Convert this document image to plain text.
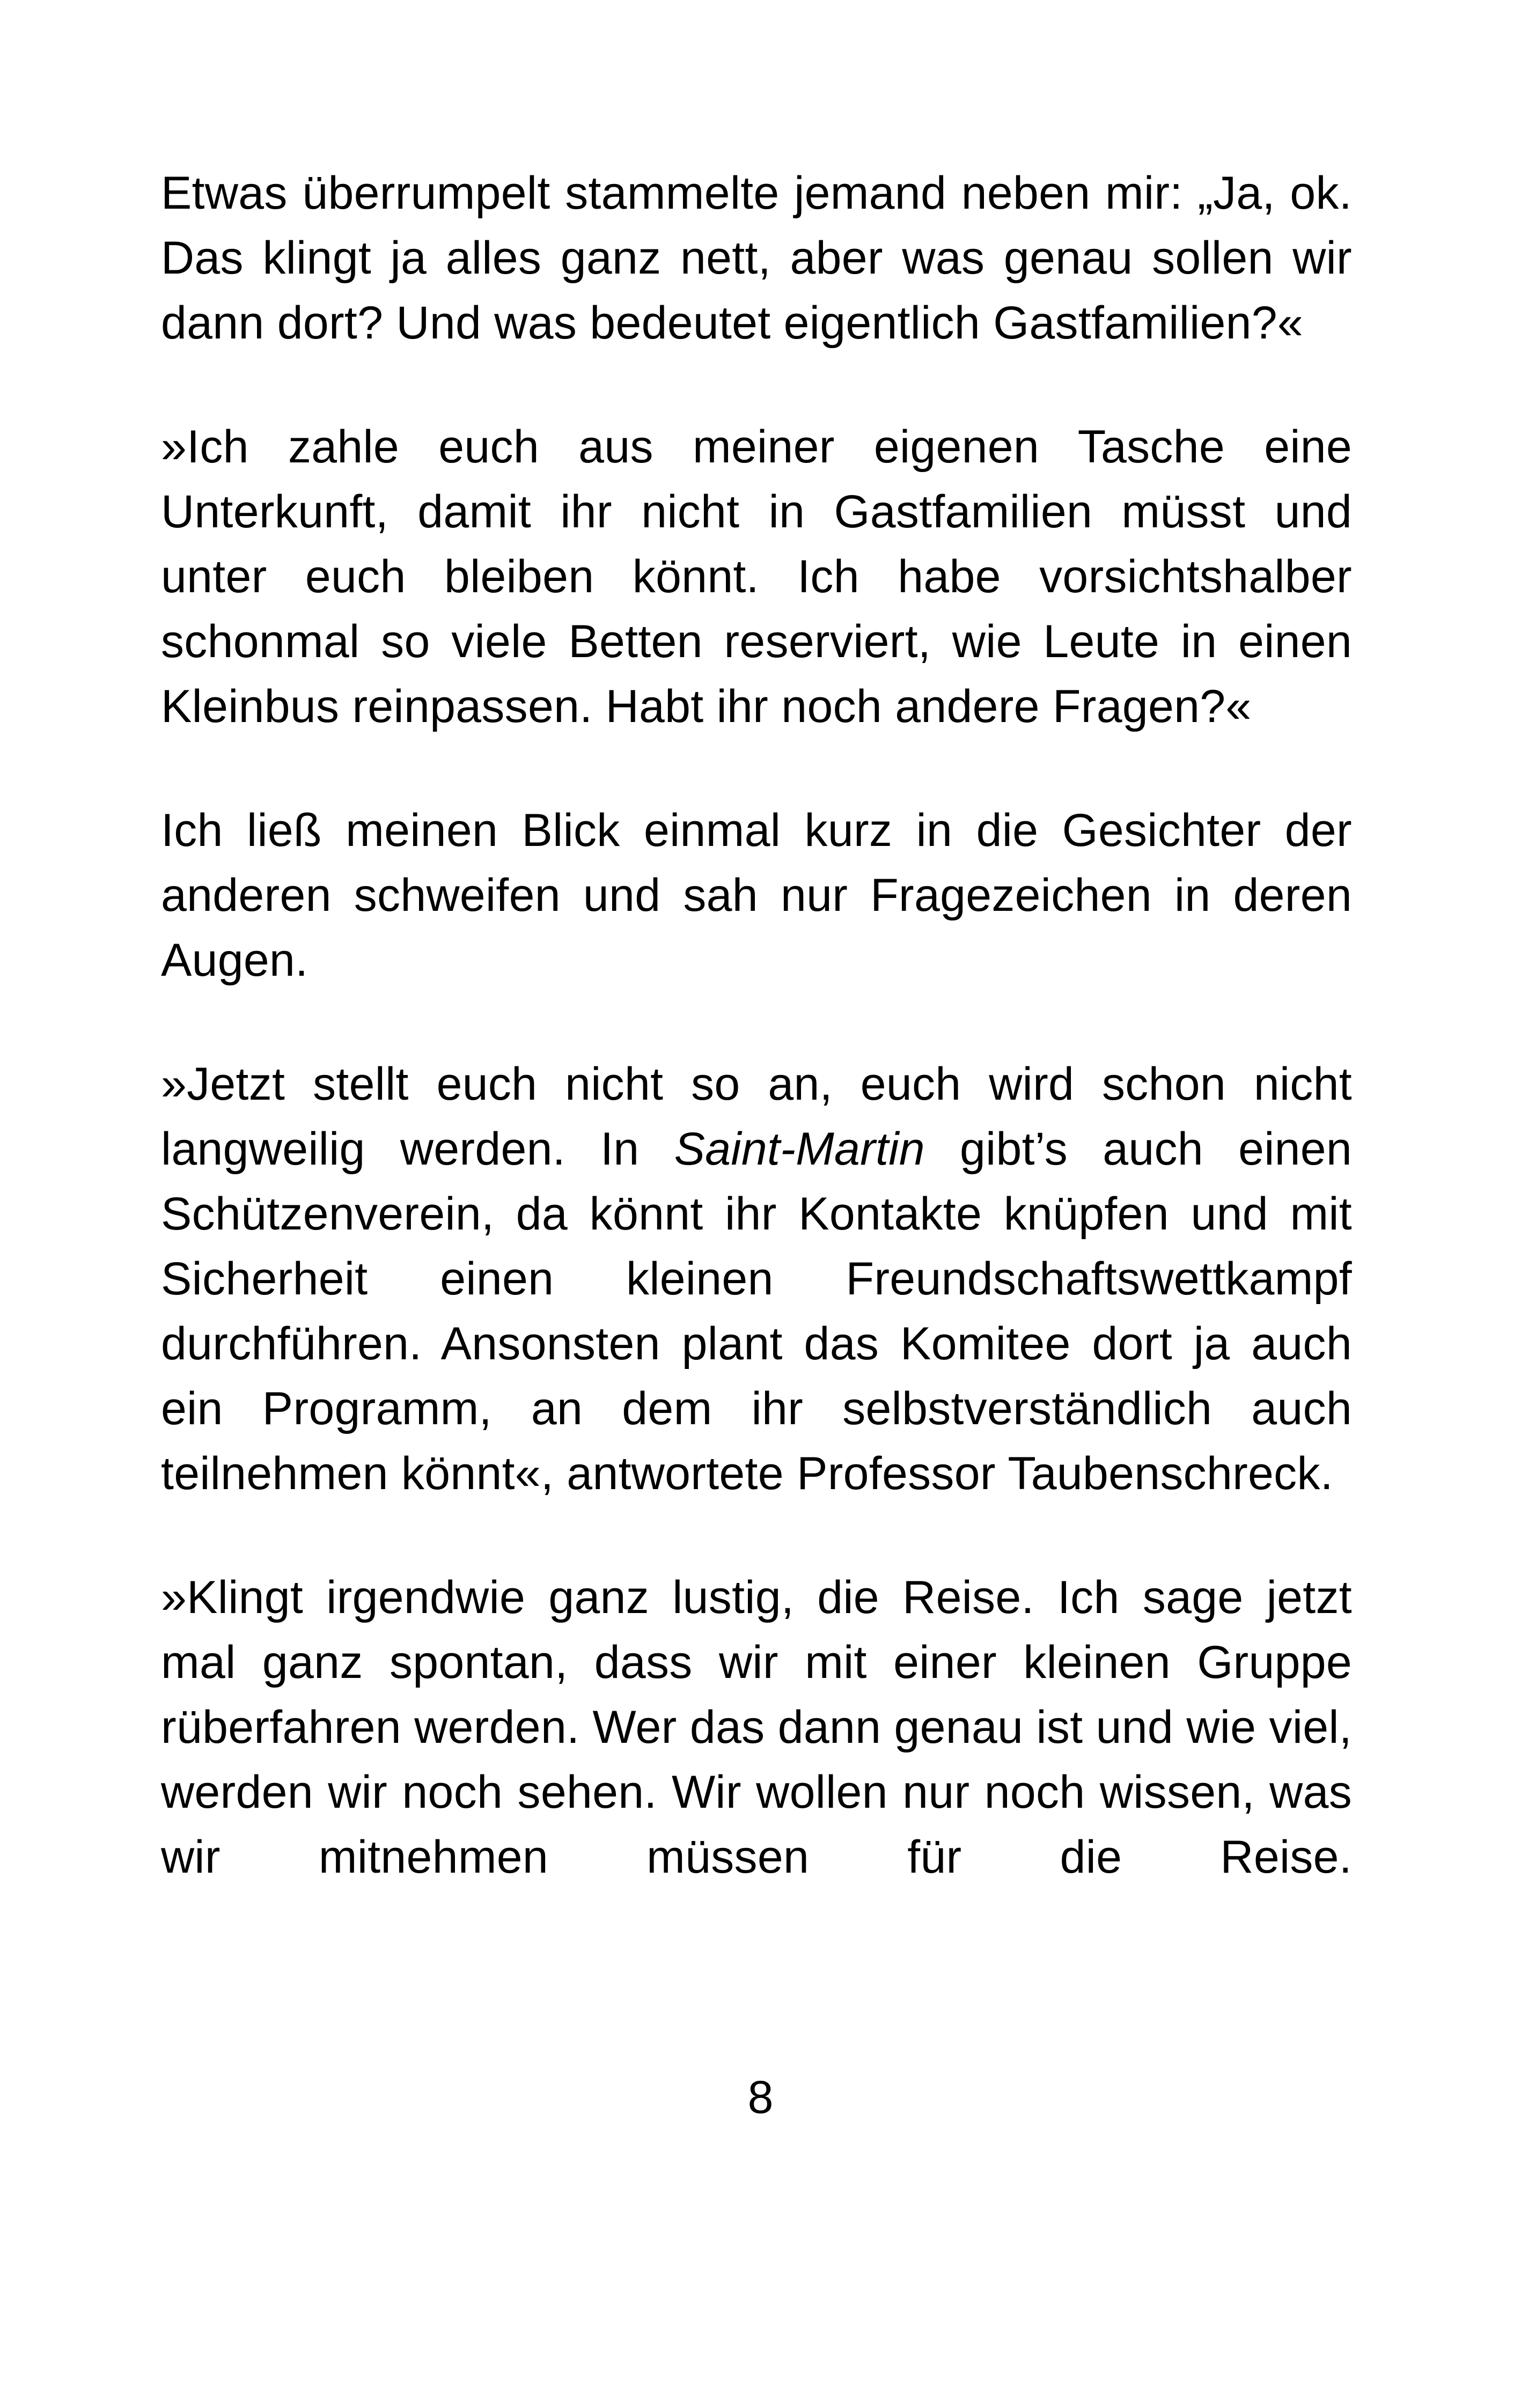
Etwas überrumpelt stammelte jemand neben mir: „Ja, ok. Das klingt ja alles ganz nett, aber was genau sollen wir dann dort? Und was bedeutet eigentlich Gastfamilien?«

»Ich zahle euch aus meiner eigenen Tasche eine Unterkunft, damit ihr nicht in Gastfamilien müsst und unter euch bleiben könnt. Ich habe vorsichtshalber schonmal so viele Betten reserviert, wie Leute in einen Kleinbus reinpassen. Habt ihr noch andere Fragen?«

Ich ließ meinen Blick einmal kurz in die Gesichter der anderen schweifen und sah nur Fragezeichen in deren Augen.

»Jetzt stellt euch nicht so an, euch wird schon nicht langweilig werden. In Saint-Martin gibt’s auch einen Schützenverein, da könnt ihr Kontakte knüpfen und mit Sicherheit einen kleinen Freundschaftswettkampf durchführen. Ansonsten plant das Komitee dort ja auch ein Programm, an dem ihr selbstverständlich auch teilnehmen könnt«, antwortete Professor Taubenschreck.

»Klingt irgendwie ganz lustig, die Reise. Ich sage jetzt mal ganz spontan, dass wir mit einer kleinen Gruppe rüberfahren werden. Wer das dann genau ist und wie viel, werden wir noch sehen. Wir wollen nur noch wissen, was wir mitnehmen müssen für die Reise.

8
